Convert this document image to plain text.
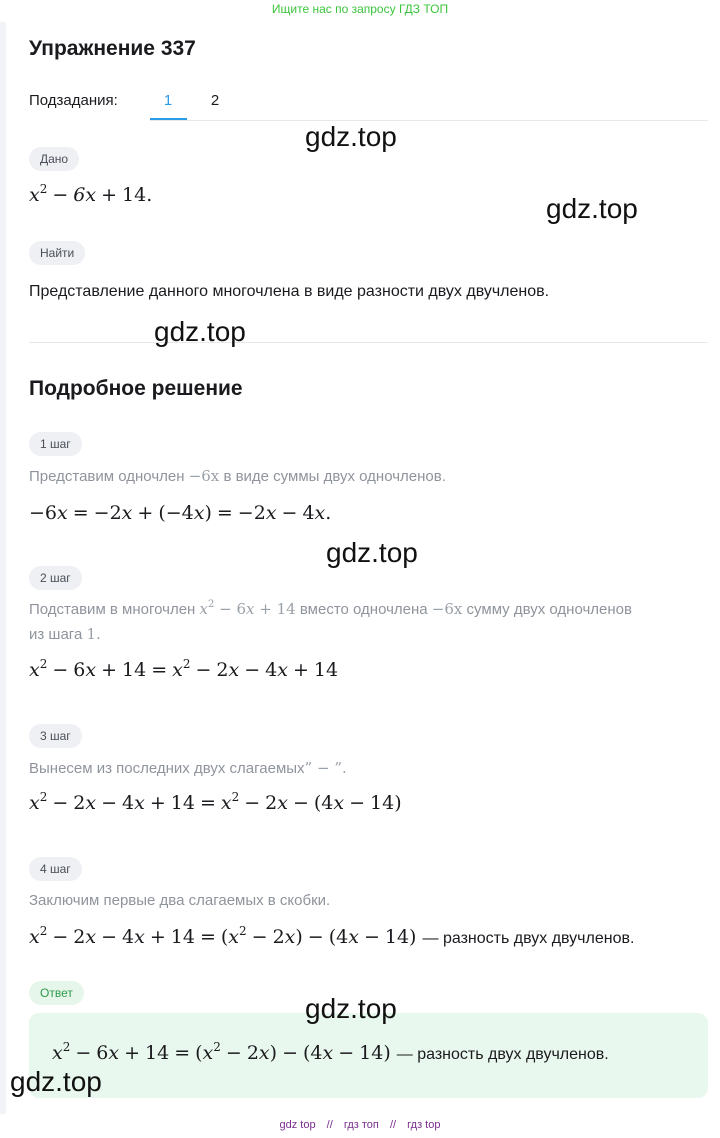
Ищите нас по запросу ГДЗ ТОП
Упражнение 337
Подзадания:	1	2
Дано
$x^2 - 6x + 14$.
Найти
Представление данного многочлена в виде разности двух двучленов.
Подробное решение
1 шаг
Представим одночлен −6x в виде суммы двух одночленов.
−6x = −2x + (−4x) = −2x − 4x.
2 шаг
Подставим в многочлен $x^2 - 6x + 14$ вместо одночлена −6x сумму двух одночленов
из шага 1.
$x^2 - 6x + 14 = x^2 - 2x - 4x + 14$
3 шаг
Вынесем из последних двух слагаемых” − ”.
$x^2 - 2x - 4x + 14 = x^2 - 2x - (4x - 14)$
4 шаг
Заключим первые два слагаемых в скобки.
$x^2 - 2x - 4x + 14 = (x^2 - 2x) - (4x - 14)$ — разность двух двучленов.
Ответ
$x^2 - 6x + 14 = (x^2 - 2x) - (4x - 14)$ — разность двух двучленов.
gdz.top
gdz.top
gdz.top
gdz.top
gdz.top
gdz.top
gdz top // гдз топ // гдз top
